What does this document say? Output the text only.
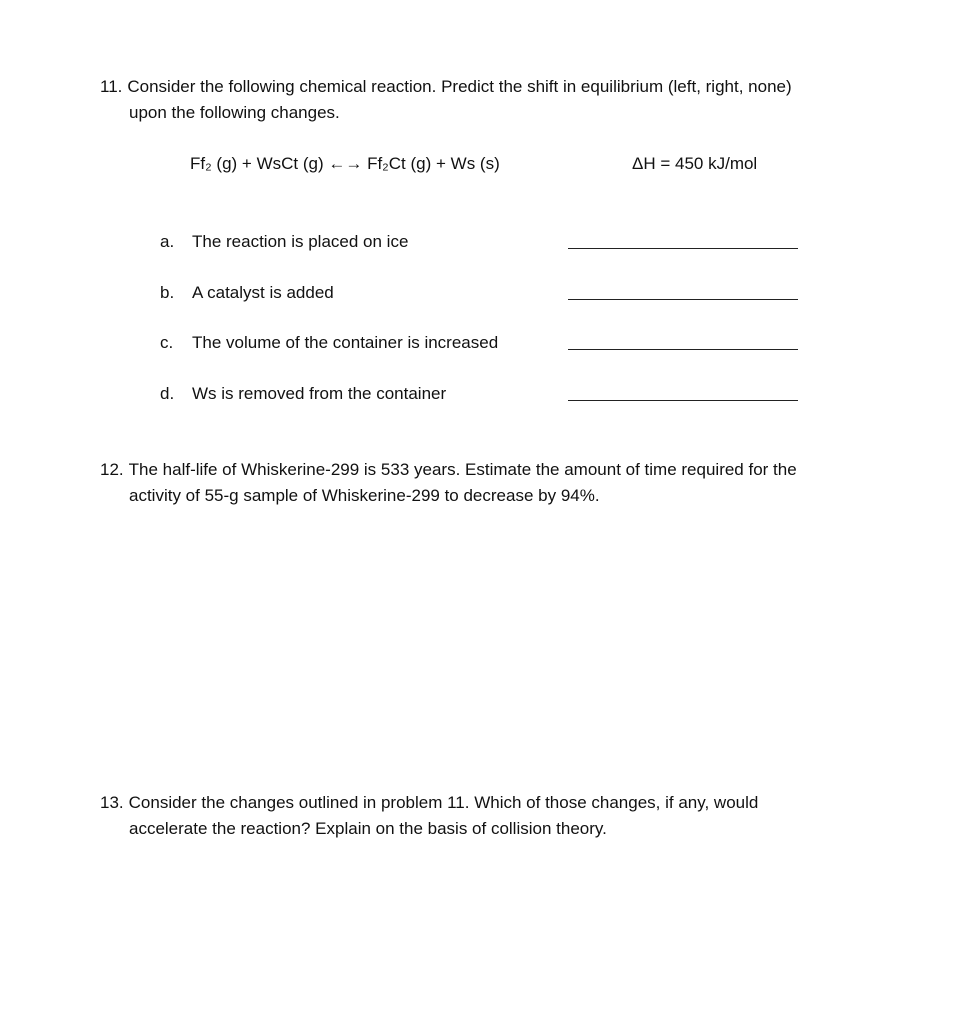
11. Consider the following chemical reaction. Predict the shift in equilibrium (left, right, none)
upon the following changes.
Ff₂ (g) + WsCt (g) ←→ Ff₂Ct (g) + Ws (s)	ΔH = 450 kJ/mol
a. The reaction is placed on ice
b. A catalyst is added
c. The volume of the container is increased
d. Ws is removed from the container
12. The half-life of Whiskerine-299 is 533 years. Estimate the amount of time required for the
activity of 55-g sample of Whiskerine-299 to decrease by 94%.
13. Consider the changes outlined in problem 11. Which of those changes, if any, would
accelerate the reaction? Explain on the basis of collision theory.
